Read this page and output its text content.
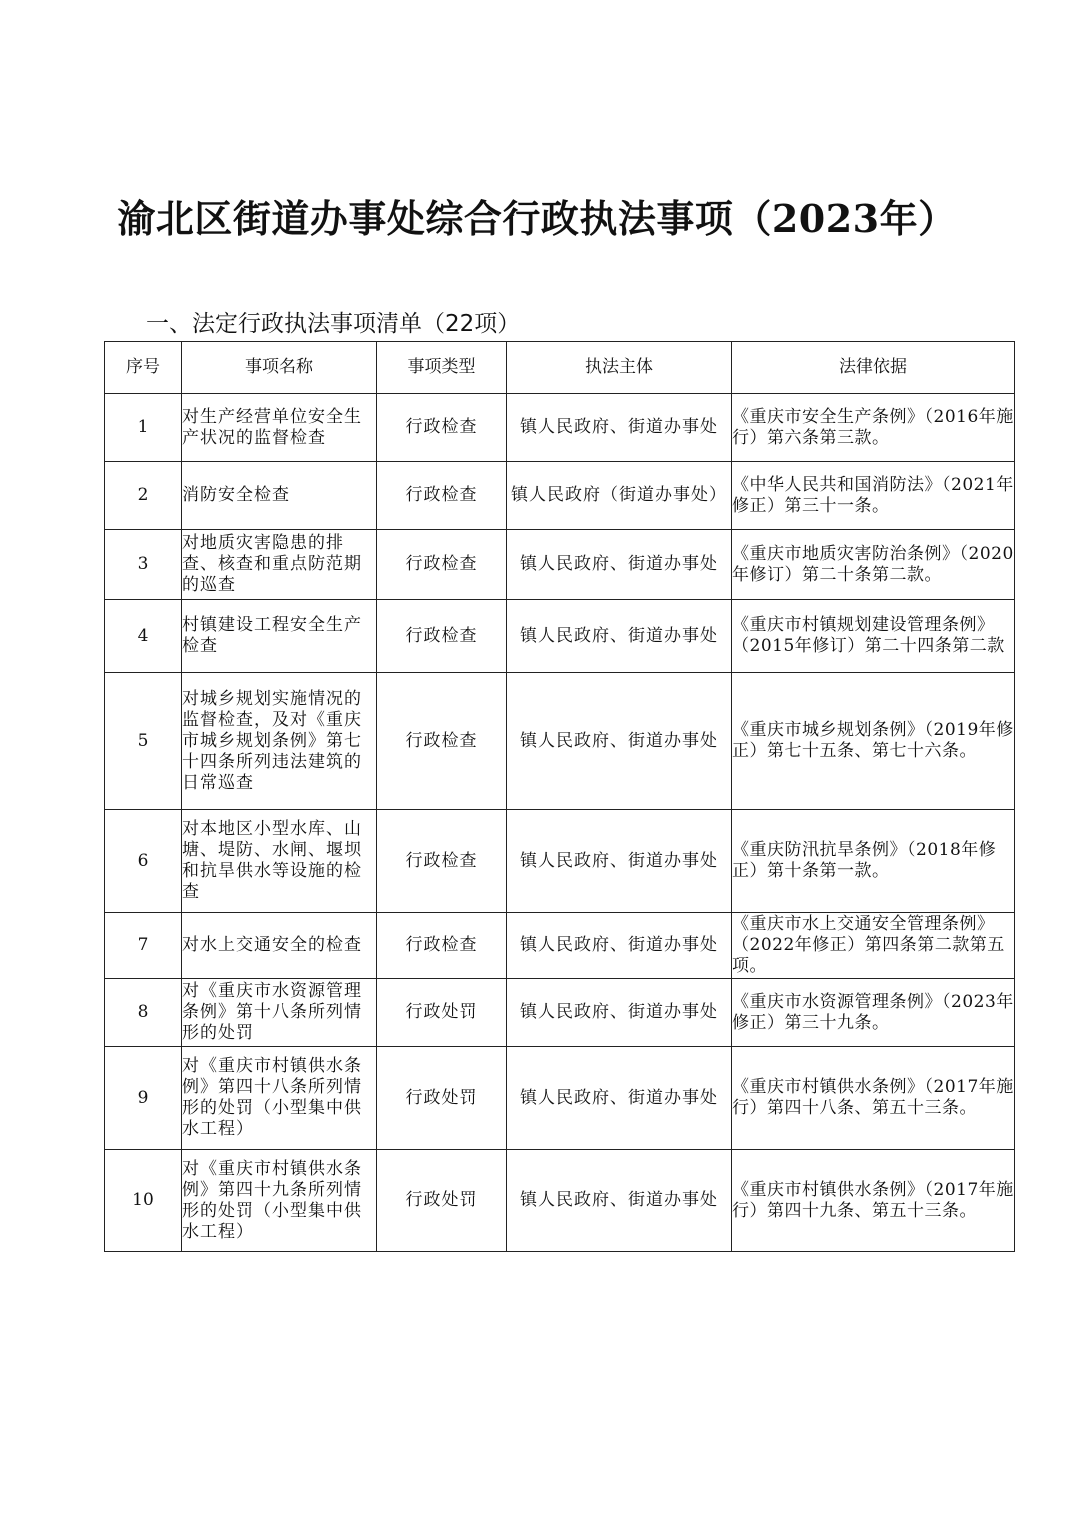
渝北区街道办事处综合行政执法事项（2023年）
一、法定行政执法事项清单（22项）
序号	事项名称	事项类型	执法主体	法律依据
1	对生产经营单位安全生产状况的监督检查	行政检查	镇人民政府、街道办事处	《重庆市安全生产条例》（2016年施行）第六条第三款。
2	消防安全检查	行政检查	镇人民政府（街道办事处）	《中华人民共和国消防法》（2021年修正）第三十一条。
3	对地质灾害隐患的排查、核查和重点防范期的巡查	行政检查	镇人民政府、街道办事处	《重庆市地质灾害防治条例》（2020年修订）第二十条第二款。
4	村镇建设工程安全生产检查	行政检查	镇人民政府、街道办事处	《重庆市村镇规划建设管理条例》（2015年修订）第二十四条第二款
5	对城乡规划实施情况的监督检查，及对《重庆市城乡规划条例》第七十四条所列违法建筑的日常巡查	行政检查	镇人民政府、街道办事处	《重庆市城乡规划条例》（2019年修正）第七十五条、第七十六条。
6	对本地区小型水库、山塘、堤防、水闸、堰坝和抗旱供水等设施的检查	行政检查	镇人民政府、街道办事处	《重庆防汛抗旱条例》（2018年修正）第十条第一款。
7	对水上交通安全的检查	行政检查	镇人民政府、街道办事处	《重庆市水上交通安全管理条例》（2022年修正）第四条第二款第五项。
8	对《重庆市水资源管理条例》第十八条所列情形的处罚	行政处罚	镇人民政府、街道办事处	《重庆市水资源管理条例》（2023年修正）第三十九条。
9	对《重庆市村镇供水条例》第四十八条所列情形的处罚（小型集中供水工程）	行政处罚	镇人民政府、街道办事处	《重庆市村镇供水条例》（2017年施行）第四十八条、第五十三条。
10	对《重庆市村镇供水条例》第四十九条所列情形的处罚（小型集中供水工程）	行政处罚	镇人民政府、街道办事处	《重庆市村镇供水条例》（2017年施行）第四十九条、第五十三条。
